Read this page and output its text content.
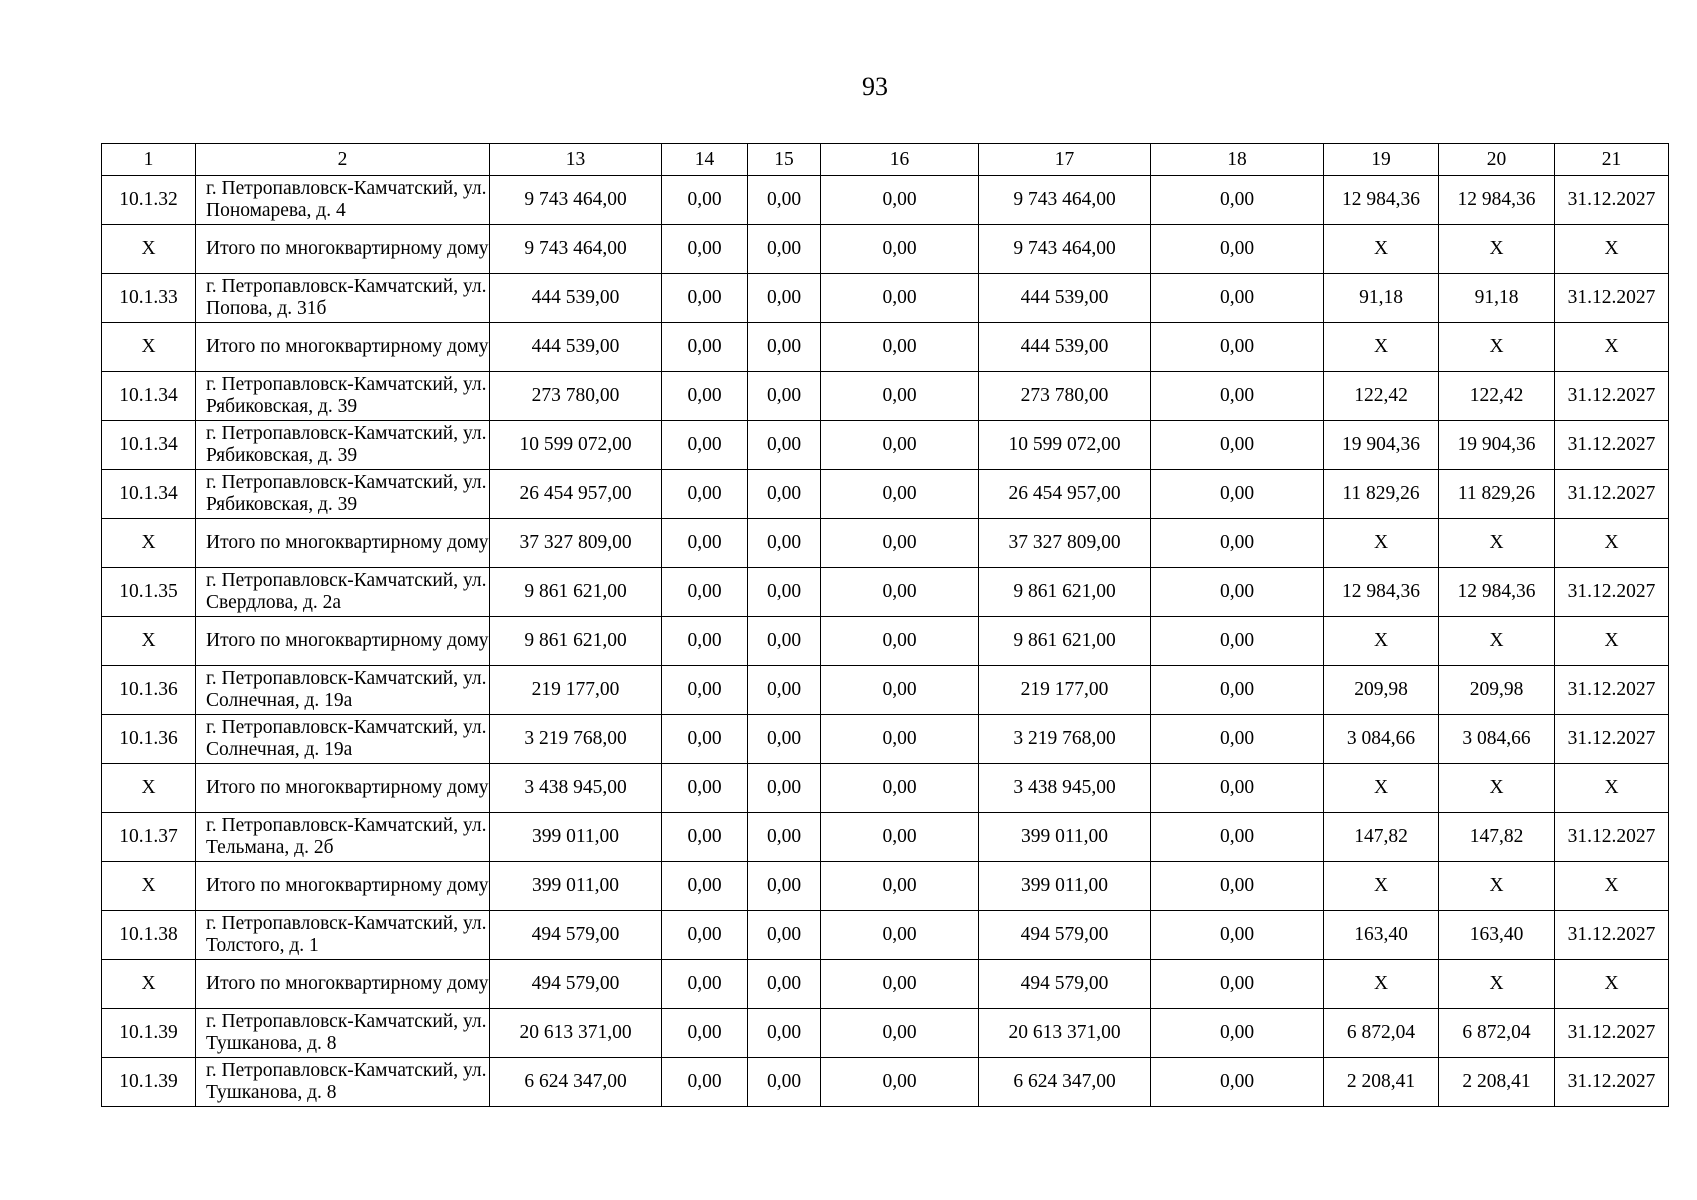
93
1	2	13	14	15	16	17	18	19	20	21
10.1.32	г. Петропавловск-Камчатский, ул. Пономарева, д. 4	9 743 464,00	0,00	0,00	0,00	9 743 464,00	0,00	12 984,36	12 984,36	31.12.2027
X	Итого по многоквартирному дому	9 743 464,00	0,00	0,00	0,00	9 743 464,00	0,00	X	X	X
10.1.33	г. Петропавловск-Камчатский, ул. Попова, д. 31б	444 539,00	0,00	0,00	0,00	444 539,00	0,00	91,18	91,18	31.12.2027
X	Итого по многоквартирному дому	444 539,00	0,00	0,00	0,00	444 539,00	0,00	X	X	X
10.1.34	г. Петропавловск-Камчатский, ул. Рябиковская, д. 39	273 780,00	0,00	0,00	0,00	273 780,00	0,00	122,42	122,42	31.12.2027
10.1.34	г. Петропавловск-Камчатский, ул. Рябиковская, д. 39	10 599 072,00	0,00	0,00	0,00	10 599 072,00	0,00	19 904,36	19 904,36	31.12.2027
10.1.34	г. Петропавловск-Камчатский, ул. Рябиковская, д. 39	26 454 957,00	0,00	0,00	0,00	26 454 957,00	0,00	11 829,26	11 829,26	31.12.2027
X	Итого по многоквартирному дому	37 327 809,00	0,00	0,00	0,00	37 327 809,00	0,00	X	X	X
10.1.35	г. Петропавловск-Камчатский, ул. Свердлова, д. 2а	9 861 621,00	0,00	0,00	0,00	9 861 621,00	0,00	12 984,36	12 984,36	31.12.2027
X	Итого по многоквартирному дому	9 861 621,00	0,00	0,00	0,00	9 861 621,00	0,00	X	X	X
10.1.36	г. Петропавловск-Камчатский, ул. Солнечная, д. 19а	219 177,00	0,00	0,00	0,00	219 177,00	0,00	209,98	209,98	31.12.2027
10.1.36	г. Петропавловск-Камчатский, ул. Солнечная, д. 19а	3 219 768,00	0,00	0,00	0,00	3 219 768,00	0,00	3 084,66	3 084,66	31.12.2027
X	Итого по многоквартирному дому	3 438 945,00	0,00	0,00	0,00	3 438 945,00	0,00	X	X	X
10.1.37	г. Петропавловск-Камчатский, ул. Тельмана, д. 2б	399 011,00	0,00	0,00	0,00	399 011,00	0,00	147,82	147,82	31.12.2027
X	Итого по многоквартирному дому	399 011,00	0,00	0,00	0,00	399 011,00	0,00	X	X	X
10.1.38	г. Петропавловск-Камчатский, ул. Толстого, д. 1	494 579,00	0,00	0,00	0,00	494 579,00	0,00	163,40	163,40	31.12.2027
X	Итого по многоквартирному дому	494 579,00	0,00	0,00	0,00	494 579,00	0,00	X	X	X
10.1.39	г. Петропавловск-Камчатский, ул. Тушканова, д. 8	20 613 371,00	0,00	0,00	0,00	20 613 371,00	0,00	6 872,04	6 872,04	31.12.2027
10.1.39	г. Петропавловск-Камчатский, ул. Тушканова, д. 8	6 624 347,00	0,00	0,00	0,00	6 624 347,00	0,00	2 208,41	2 208,41	31.12.2027
